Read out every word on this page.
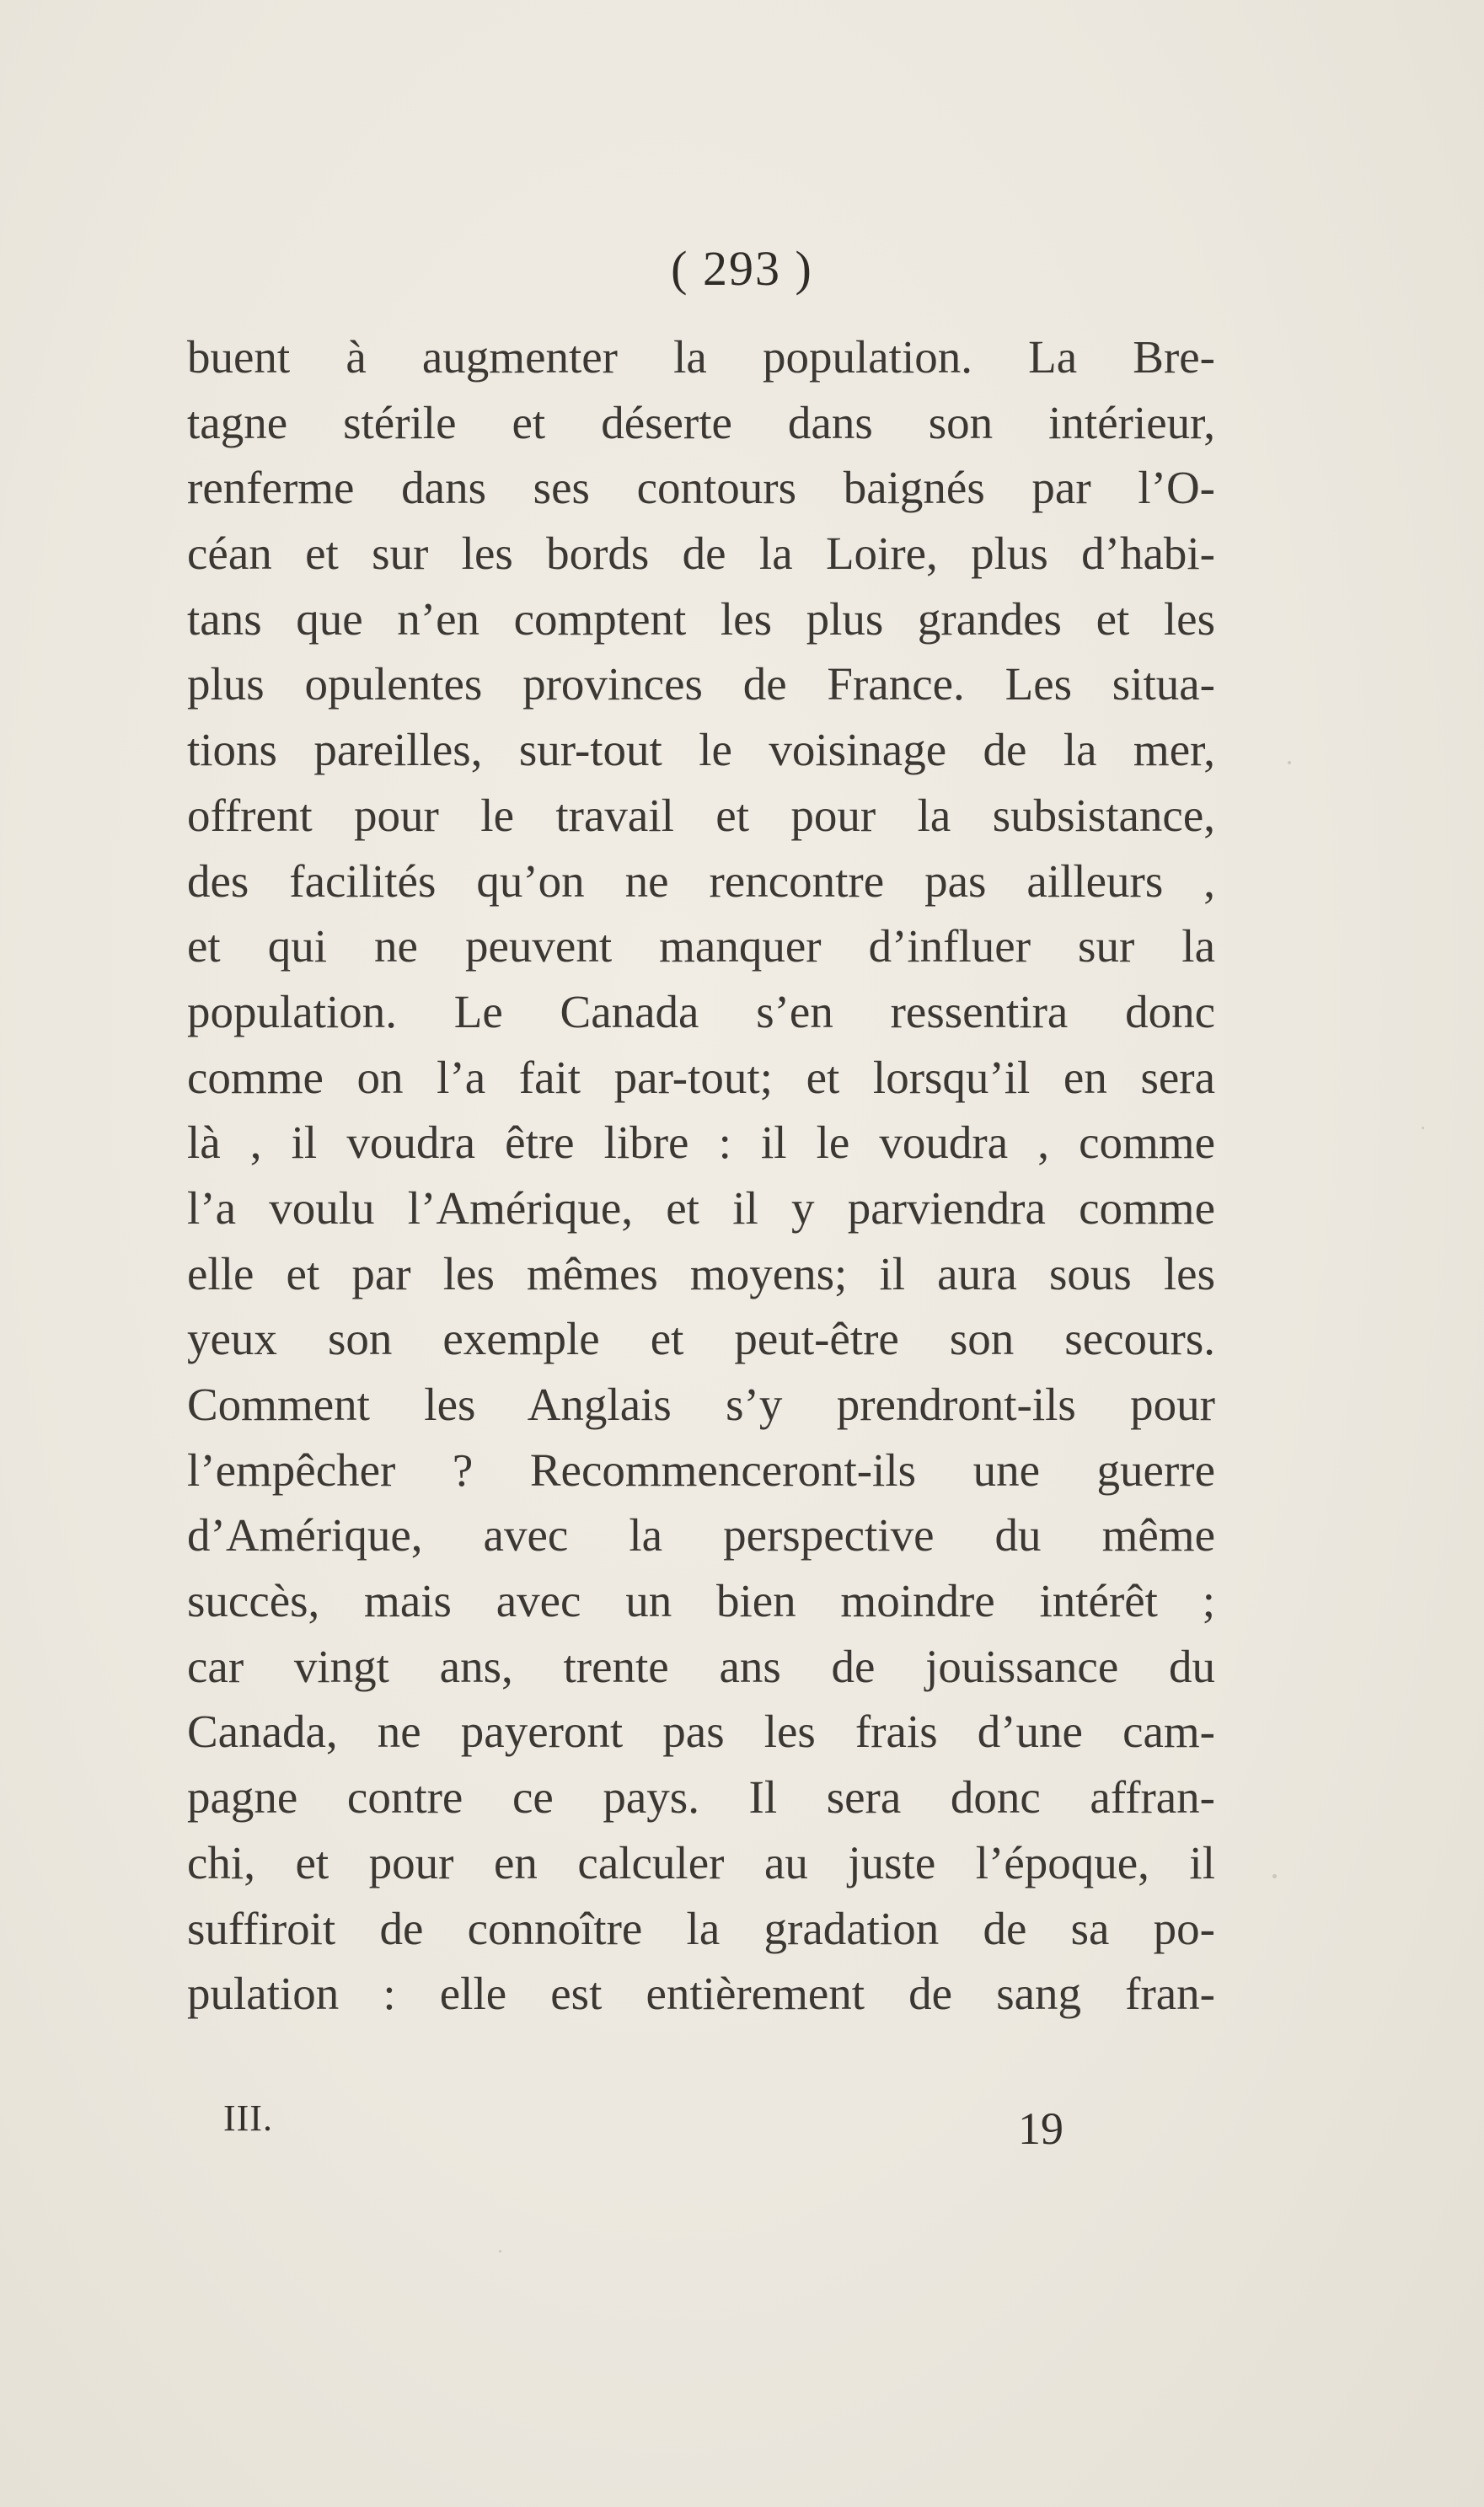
( 293 )
buent à augmenter la population. La Bre-
tagne stérile et déserte dans son intérieur,
renferme dans ses contours baignés par l’O-
céan et sur les bords de la Loire, plus d’habi-
tans que n’en comptent les plus grandes et les
plus opulentes provinces de France. Les situa-
tions pareilles, sur-tout le voisinage de la mer,
offrent pour le travail et pour la subsistance,
des facilités qu’on ne rencontre pas ailleurs ,
et qui ne peuvent manquer d’influer sur la
population. Le Canada s’en ressentira donc
comme on l’a fait par-tout; et lorsqu’il en sera
là , il voudra être libre : il le voudra , comme
l’a voulu l’Amérique, et il y parviendra comme
elle et par les mêmes moyens; il aura sous les
yeux son exemple et peut-être son secours.
Comment les Anglais s’y prendront-ils pour
l’empêcher ? Recommenceront-ils une guerre
d’Amérique, avec la perspective du même
succès, mais avec un bien moindre intérêt ;
car vingt ans, trente ans de jouissance du
Canada, ne payeront pas les frais d’une cam-
pagne contre ce pays. Il sera donc affran-
chi, et pour en calculer au juste l’époque, il
suffiroit de connoître la gradation de sa po-
pulation : elle est entièrement de sang fran-
III.	19
